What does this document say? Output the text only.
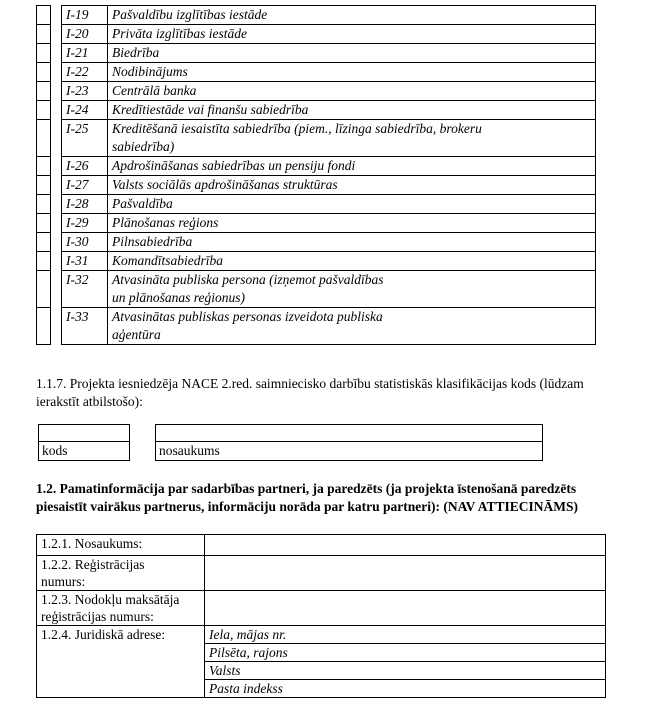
		I-19	Pašvaldību izglītības iestāde

		I-20	Privāta izglītības iestāde

		I-21	Biedrība

		I-22	Nodibinājums

		I-23	Centrālā banka

		I-24	Kredītiestāde vai finanšu sabiedrība

		I-25	Kreditēšanā iesaistīta sabiedrība (piem., līzinga sabiedrība, brokeru
sabiedrība)

		I-26	Apdrošināšanas sabiedrības un pensiju fondi

		I-27	Valsts sociālās apdrošināšanas struktūras

		I-28	Pašvaldība

		I-29	Plānošanas reģions

		I-30	Pilnsabiedrība

		I-31	Komandītsabiedrība

		I-32	Atvasināta publiska persona (izņemot pašvaldības
un plānošanas reģionus)

		I-33	Atvasinātas publiskas personas izveidota publiska
aģentūra
1.1.7. Projekta iesniedzēja NACE 2.red. saimniecisko darbību statistiskās klasifikācijas kods (lūdzam ierakstīt atbilstošo):
kods	nosaukums
1.2. Pamatinformācija par sadarbības partneri, ja paredzēts (ja projekta īstenošanā paredzēts piesaistīt vairākus partnerus, informāciju norāda par katru partneri): (NAV ATTIECINĀMS)
1.2.1. Nosaukums:	

1.2.2. Reģistrācijas
numurs:	

1.2.3. Nodokļu maksātāja
reģistrācijas numurs:	

1.2.4. Juridiskā adrese:	Iela, mājas nr.
	Pilsēta, rajons
	Valsts
	Pasta indekss
